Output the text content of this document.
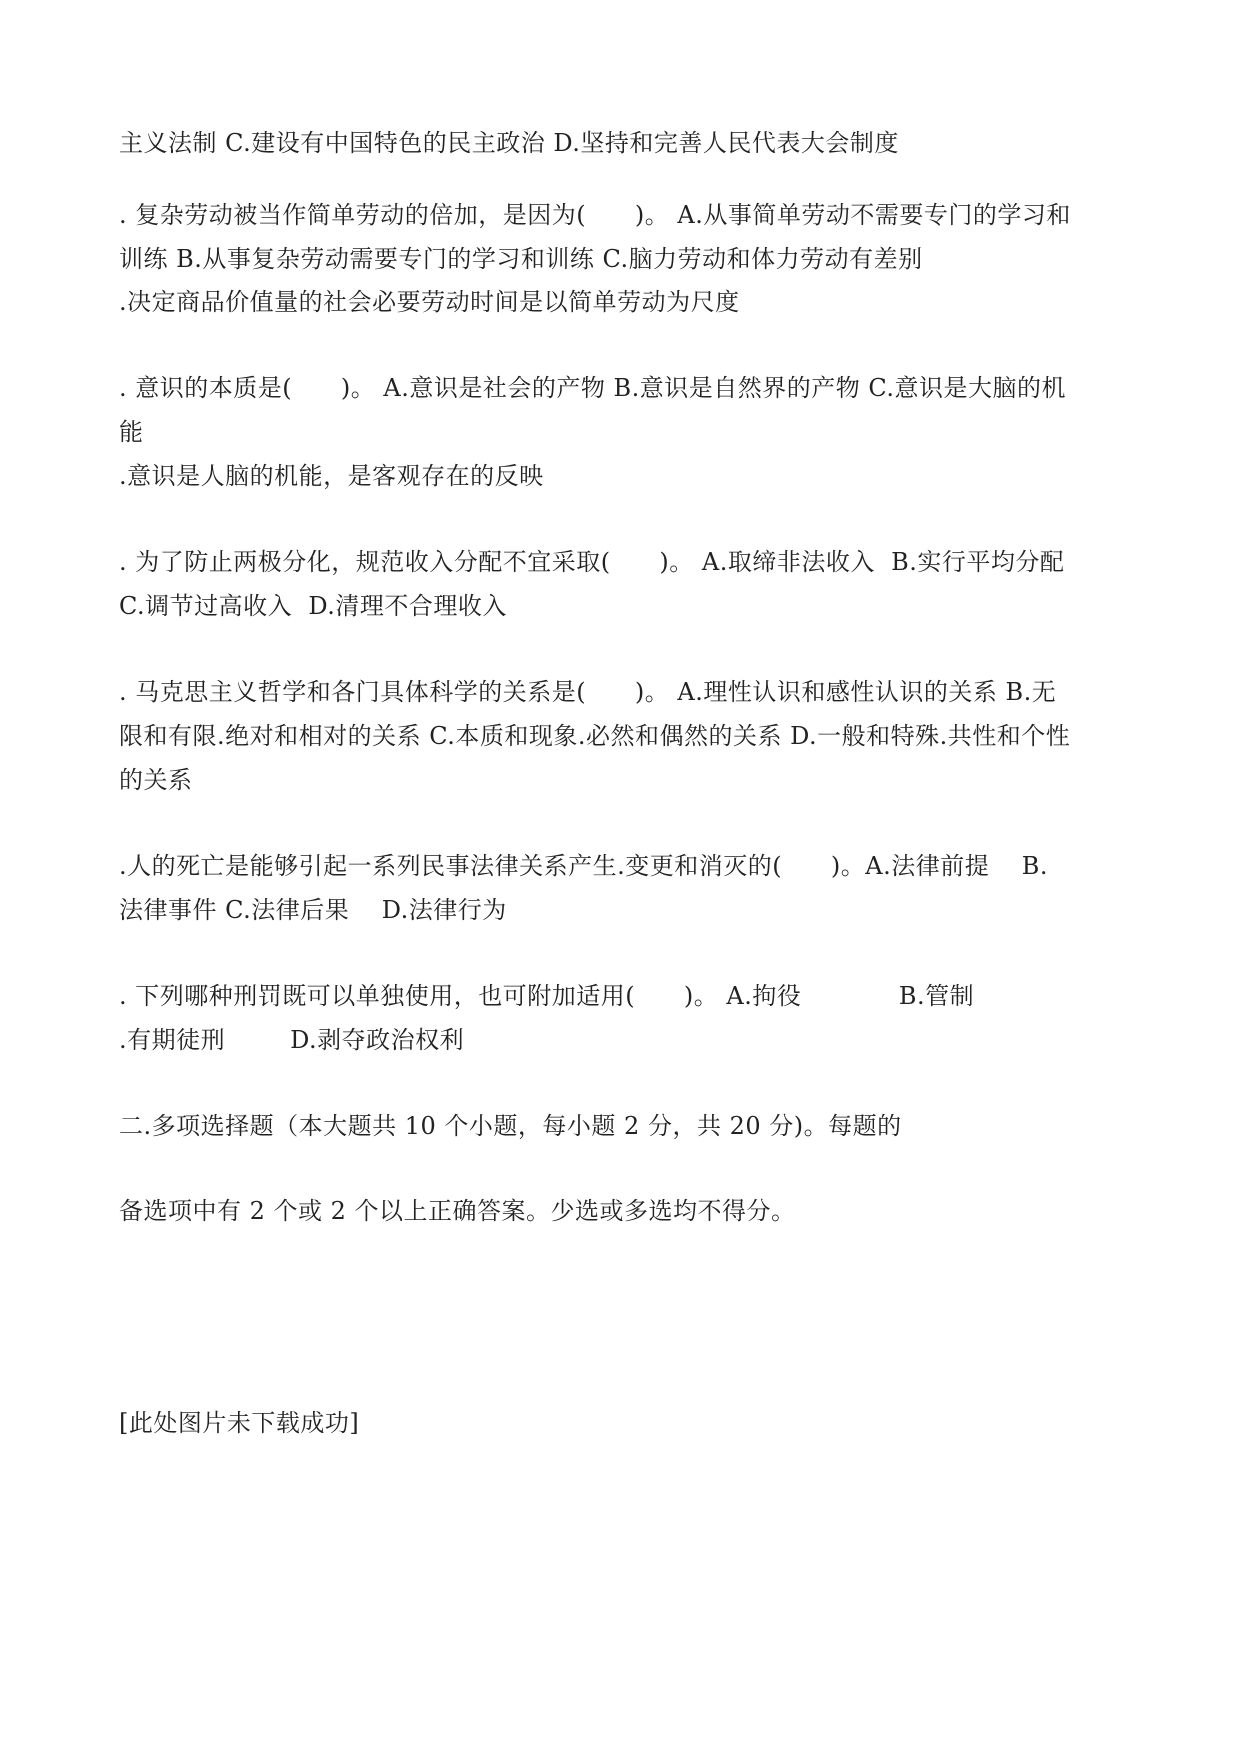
主义法制 C.建设有中国特色的民主政治 D.坚持和完善人民代表大会制度
. 复杂劳动被当作简单劳动的倍加，是因为(      )。 A.从事简单劳动不需要专门的学习和
训练 B.从事复杂劳动需要专门的学习和训练 C.脑力劳动和体力劳动有差别
.决定商品价值量的社会必要劳动时间是以简单劳动为尺度
. 意识的本质是(      )。 A.意识是社会的产物 B.意识是自然界的产物 C.意识是大脑的机
能
.意识是人脑的机能，是客观存在的反映
. 为了防止两极分化，规范收入分配不宜采取(      )。 A.取缔非法收入  B.实行平均分配
C.调节过高收入  D.清理不合理收入
. 马克思主义哲学和各门具体科学的关系是(      )。 A.理性认识和感性认识的关系 B.无
限和有限.绝对和相对的关系 C.本质和现象.必然和偶然的关系 D.一般和特殊.共性和个性
的关系
.人的死亡是能够引起一系列民事法律关系产生.变更和消灭的(      )。A.法律前提    B.
法律事件 C.法律后果    D.法律行为
. 下列哪种刑罚既可以单独使用，也可附加适用(      )。 A.拘役            B.管制
.有期徒刑        D.剥夺政治权利
二.多项选择题（本大题共 10 个小题，每小题 2 分，共 20 分)。每题的
备选项中有 2 个或 2 个以上正确答案。少选或多选均不得分。
[此处图片未下载成功]
